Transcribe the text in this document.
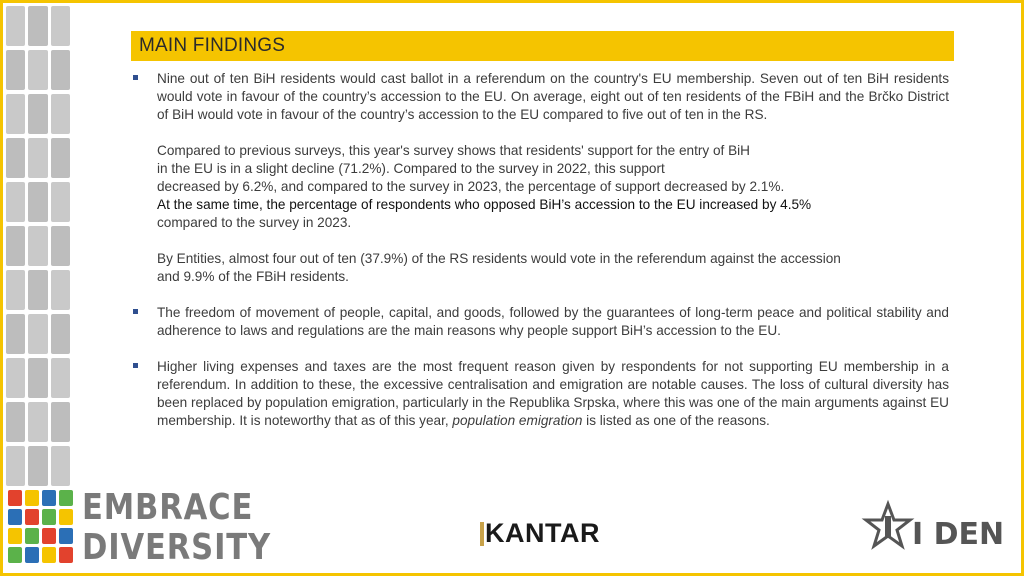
MAIN FINDINGS
Nine out of ten BiH residents would cast ballot in a referendum on the country's EU membership. Seven out of ten BiH residents would vote in favour of the country’s accession to the EU. On average, eight out of ten residents of the FBiH and the Brčko District of BiH would vote in favour of the country’s accession to the EU compared to five out of ten in the RS.
Compared to previous surveys, this year's survey shows that residents' support for the entry of BiH
in the EU is in a slight decline (71.2%). Compared to the survey in 2022, this support
decreased by 6.2%, and compared to the survey in 2023, the percentage of support decreased by 2.1%.
At the same time, the percentage of respondents who opposed BiH’s accession to the EU increased by 4.5%
compared to the survey in 2023.
By Entities, almost four out of ten (37.9%) of the RS residents would vote in the referendum against the accession
and 9.9% of the FBiH residents.
The freedom of movement of people, capital, and goods, followed by the guarantees of long-term peace and political stability and adherence to laws and regulations are the main reasons why people support BiH’s accession to the EU.
Higher living expenses and taxes are the most frequent reason given by respondents for not supporting EU membership in a referendum. In addition to these, the excessive centralisation and emigration are notable causes. The loss of cultural diversity has been replaced by population emigration, particularly in the Republika Srpska, where this was one of the main arguments against EU membership. It is noteworthy that as of this year, population emigration is listed as one of the reasons.
EMBRACE
DIVERSITY	KANTAR	I DEN
